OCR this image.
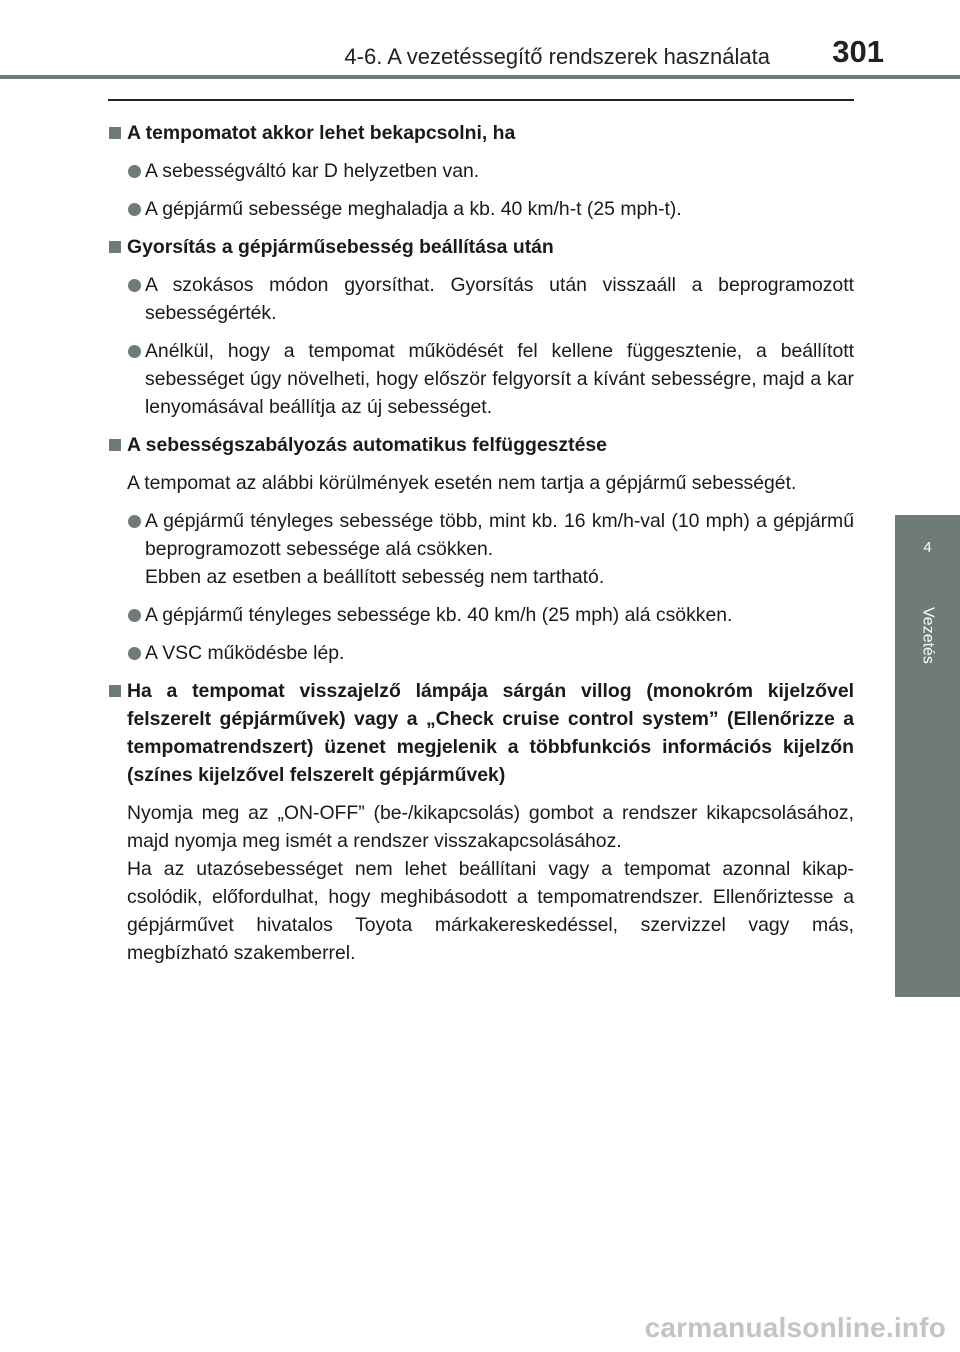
4-6. A vezetéssegítő rendszerek használata 301
4
Vezetés
A tempomatot akkor lehet bekapcsolni, ha
A sebességváltó kar D helyzetben van.
A gépjármű sebessége meghaladja a kb. 40 km/h-t (25 mph-t).
Gyorsítás a gépjárműsebesség beállítása után
A szokásos módon gyorsíthat. Gyorsítás után visszaáll a beprogramozott sebességérték.
Anélkül, hogy a tempomat működését fel kellene függesztenie, a beállított sebességet úgy növelheti, hogy először felgyorsít a kívánt sebességre, majd a kar lenyomásával beállítja az új sebességet.
A sebességszabályozás automatikus felfüggesztése
A tempomat az alábbi körülmények esetén nem tartja a gépjármű sebességét.
A gépjármű tényleges sebessége több, mint kb. 16 km/h-val (10 mph) a gépjármű beprogramozott sebessége alá csökken.
Ebben az esetben a beállított sebesség nem tartható.
A gépjármű tényleges sebessége kb. 40 km/h (25 mph) alá csökken.
A VSC működésbe lép.
Ha a tempomat visszajelző lámpája sárgán villog (monokróm kijelzővel felszerelt gépjárművek) vagy a „Check cruise control system” (Ellenőrizze a tempomatrendszert) üzenet megjelenik a többfunkciós információs kijelzőn (színes kijelzővel felszerelt gépjárművek)
Nyomja meg az „ON-OFF” (be-/kikapcsolás) gombot a rendszer kikapcsolásához, majd nyomja meg ismét a rendszer visszakapcsolásához.
Ha az utazósebességet nem lehet beállítani vagy a tempomat azonnal kikapcsolódik, előfordulhat, hogy meghibásodott a tempomatrendszer. Ellenőriztesse a gépjárművet hivatalos Toyota márkakereskedéssel, szervizzel vagy más, megbízható szakemberrel.
carmanualsonline.info
